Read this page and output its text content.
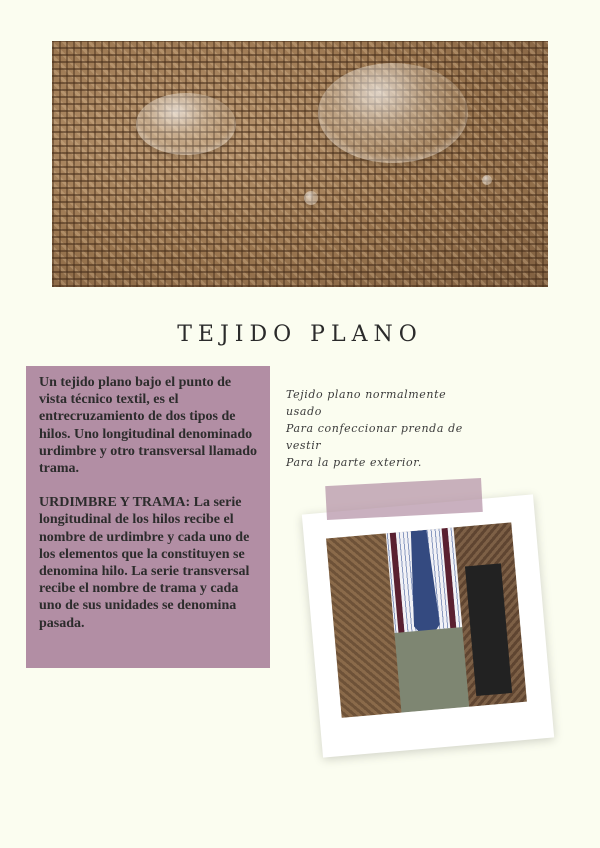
TEJIDO PLANO

Un tejido plano bajo el punto de vista técnico textil, es el entrecruzamiento de dos tipos de hilos. Uno longitudinal denominado urdimbre y otro transversal llamado trama.

URDIMBRE Y TRAMA: La serie longitudinal de los hilos recibe el nombre de urdimbre y cada uno de los elementos que la constituyen se denomina hilo. La serie transversal recibe el nombre de trama y cada uno de sus unidades se denomina pasada.

Tejido plano normalmente usado
Para confeccionar prenda de vestir
Para la parte exterior.
